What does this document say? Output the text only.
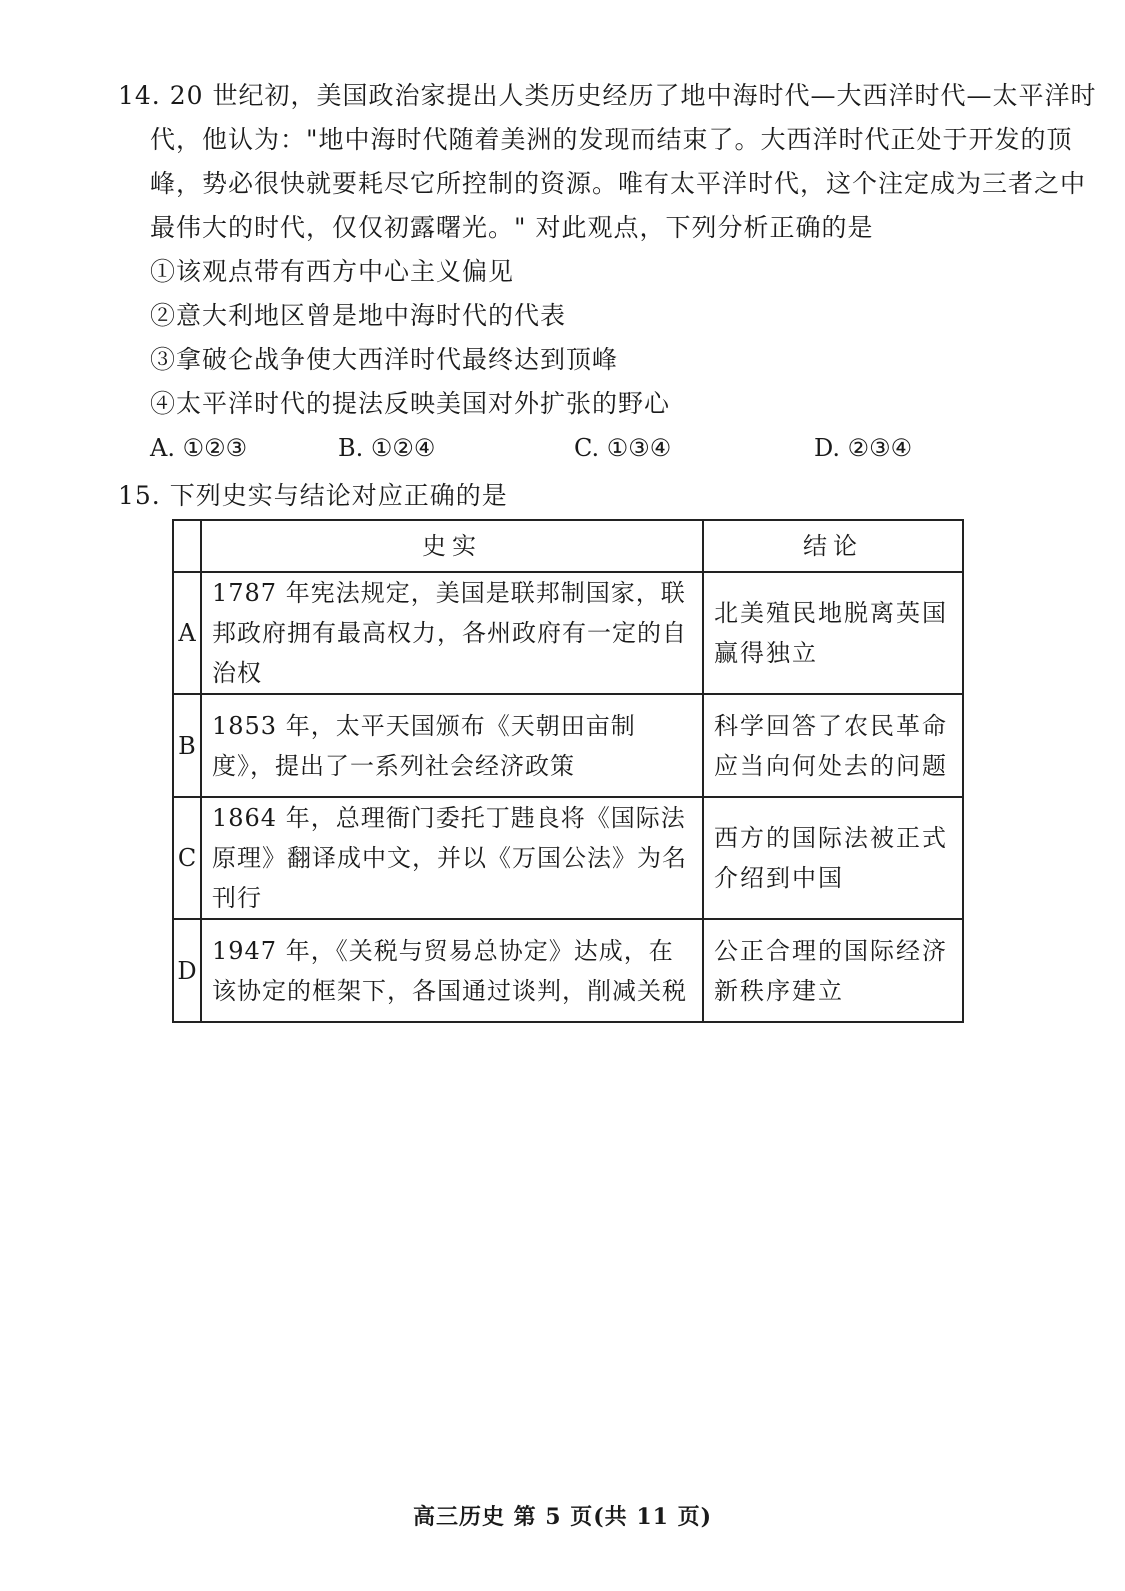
14. 20 世纪初，美国政治家提出人类历史经历了地中海时代—大西洋时代—太平洋时
代，他认为："地中海时代随着美洲的发现而结束了。大西洋时代正处于开发的顶
峰，势必很快就要耗尽它所控制的资源。唯有太平洋时代，这个注定成为三者之中
最伟大的时代，仅仅初露曙光。" 对此观点，下列分析正确的是
①该观点带有西方中心主义偏见
②意大利地区曾是地中海时代的代表
③拿破仑战争使大西洋时代最终达到顶峰
④太平洋时代的提法反映美国对外扩张的野心
A. ①②③	B. ①②④	C. ①③④	D. ②③④
15. 下列史实与结论对应正确的是
	史实	结论
A	1787 年宪法规定，美国是联邦制国家，联邦政府拥有最高权力，各州政府有一定的自治权	北美殖民地脱离英国赢得独立
B	1853 年，太平天国颁布《天朝田亩制度》，提出了一系列社会经济政策	科学回答了农民革命应当向何处去的问题
C	1864 年，总理衙门委托丁韪良将《国际法原理》翻译成中文，并以《万国公法》为名刊行	西方的国际法被正式介绍到中国
D	1947 年，《关税与贸易总协定》达成，在该协定的框架下，各国通过谈判，削减关税	公正合理的国际经济新秩序建立
高三历史 第 5 页(共 11 页)
